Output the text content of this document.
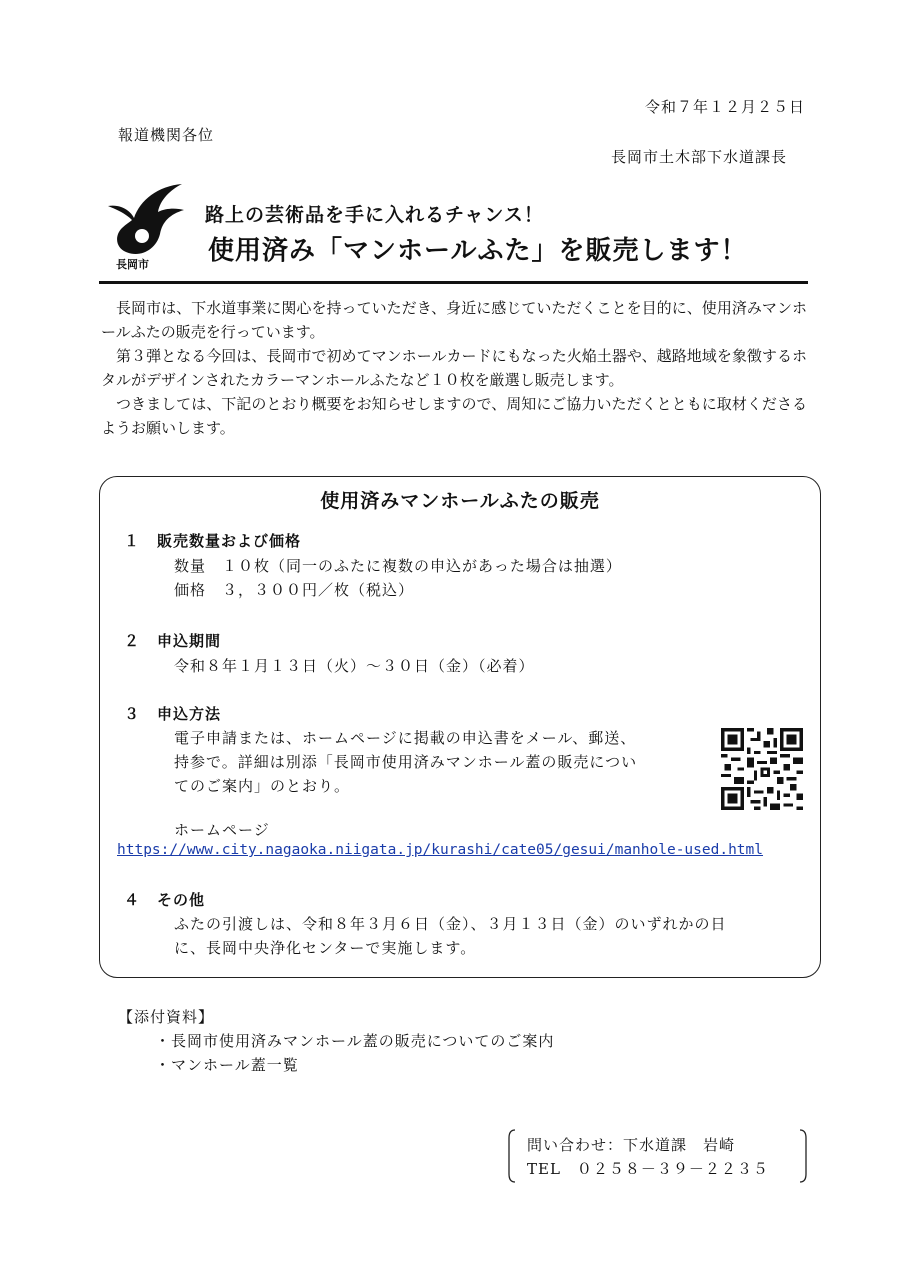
令和７年１２月２５日
報道機関各位
長岡市土木部下水道課長
長岡市
路上の芸術品を手に入れるチャンス！
使用済み「マンホールふた」を販売します！

長岡市は、下水道事業に関心を持っていただき、身近に感じていただくことを目的に、使用済みマンホールふたの販売を行っています。

第３弾となる今回は、長岡市で初めてマンホールカードにもなった火焔土器や、越路地域を象徴するホタルがデザインされたカラーマンホールふたなど１０枚を厳選し販売します。

つきましては、下記のとおり概要をお知らせしますので、周知にご協力いただくとともに取材くださるようお願いします。

使用済みマンホールふたの販売
１ 販売数量および価格
数量　１０枚（同一のふたに複数の申込があった場合は抽選）
価格　３，３００円／枚（税込）
２ 申込期間
令和８年１月１３日（火）～３０日（金）（必着）
３ 申込方法
電子申請または、ホームページに掲載の申込書をメール、郵送、
持参で。詳細は別添「長岡市使用済みマンホール蓋の販売につい
てのご案内」のとおり。
ホームページ
https://www.city.nagaoka.niigata.jp/kurashi/cate05/gesui/manhole-used.html
４ その他
ふたの引渡しは、令和８年３月６日（金）、３月１３日（金）のいずれかの日
に、長岡中央浄化センターで実施します。
【添付資料】
・長岡市使用済みマンホール蓋の販売についてのご案内
・マンホール蓋一覧
問い合わせ：下水道課　岩崎
TEL　０２５８－３９－２２３５
